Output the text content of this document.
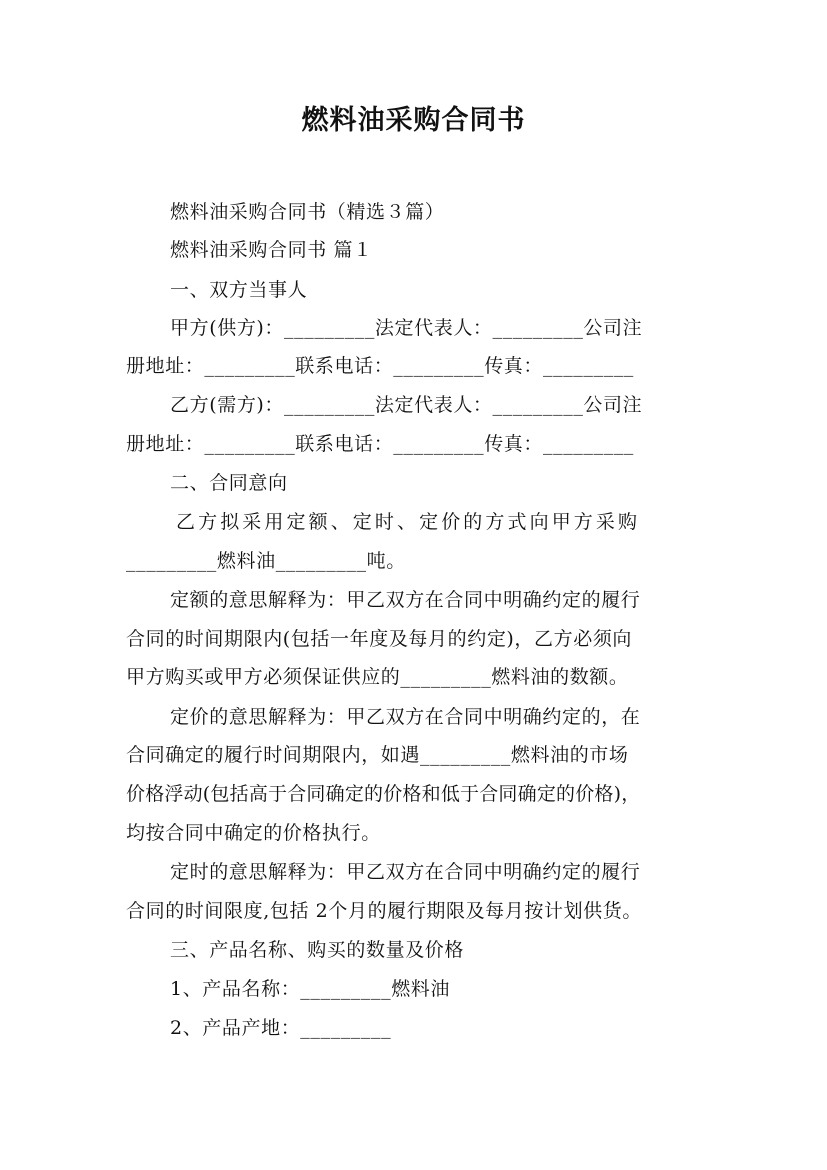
燃料油采购合同书
燃料油采购合同书（精选３篇）
燃料油采购合同书 篇１
一、双方当事人
甲方(供方)：_________法定代表人：_________公司注
册地址：_________联系电话：_________传真：_________
乙方(需方)：_________法定代表人：_________公司注
册地址：_________联系电话：_________传真：_________
二、合同意向
乙方拟采用定额、定时、定价的方式向甲方采购
_________燃料油_________吨。
定额的意思解释为：甲乙双方在合同中明确约定的履行
合同的时间期限内(包括一年度及每月的约定)，乙方必须向
甲方购买或甲方必须保证供应的_________燃料油的数额。
定价的意思解释为：甲乙双方在合同中明确约定的，在
合同确定的履行时间期限内，如遇_________燃料油的市场
价格浮动(包括高于合同确定的价格和低于合同确定的价格)，
均按合同中确定的价格执行。
定时的意思解释为：甲乙双方在合同中明确约定的履行
合同的时间限度,包括 2个月的履行期限及每月按计划供货。
三、产品名称、购买的数量及价格
1、产品名称：_________燃料油
2、产品产地：_________
